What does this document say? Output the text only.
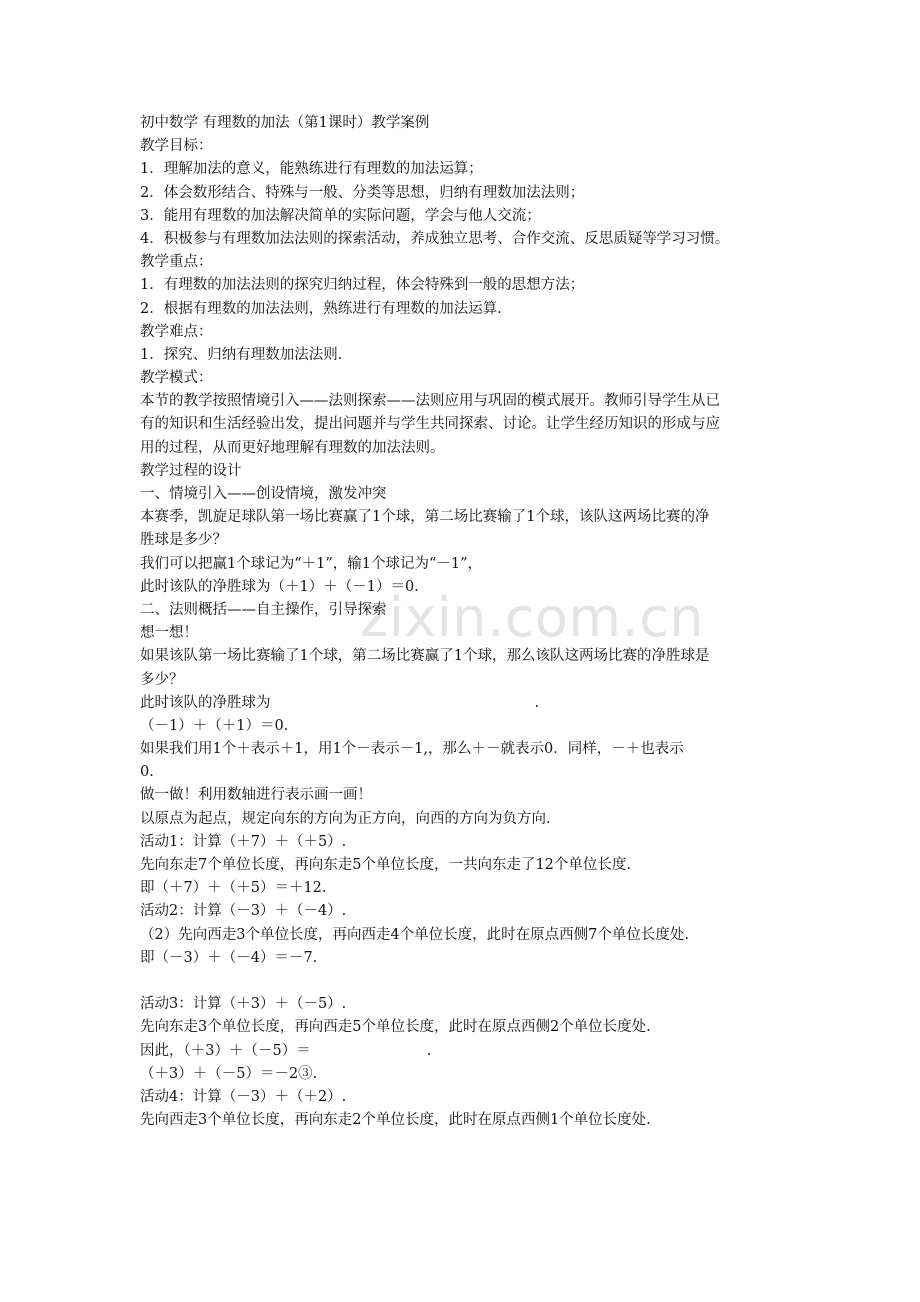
zixin.com.cn
初中数学 有理数的加法（第1课时）教学案例
教学目标：
1．理解加法的意义，能熟练进行有理数的加法运算；
2．体会数形结合、特殊与一般、分类等思想，归纳有理数加法法则；
3．能用有理数的加法解决简单的实际问题，学会与他人交流；
4．积极参与有理数加法法则的探索活动，养成独立思考、合作交流、反思质疑等学习习惯。
教学重点：
1．有理数的加法法则的探究归纳过程，体会特殊到一般的思想方法；
2．根据有理数的加法法则，熟练进行有理数的加法运算.
教学难点：
1．探究、归纳有理数加法法则.
教学模式：
本节的教学按照情境引入——法则探索——法则应用与巩固的模式展开。教师引导学生从已
有的知识和生活经验出发，提出问题并与学生共同探索、讨论。让学生经历知识的形成与应
用的过程，从而更好地理解有理数的加法法则。
教学过程的设计
一、情境引入——创设情境，激发冲突
本赛季，凯旋足球队第一场比赛赢了1个球，第二场比赛输了1个球，该队这两场比赛的净
胜球是多少？
我们可以把赢1个球记为“＋1”，输1个球记为“－1”，
此时该队的净胜球为（＋1）＋（－1）＝0.
二、法则概括——自主操作，引导探索
想一想！
如果该队第一场比赛输了1个球，第二场比赛赢了1个球，那么该队这两场比赛的净胜球是
多少？
此时该队的净胜球为	.
（－1）＋（＋1）＝0.
如果我们用1个＋表示＋1，用1个－表示－1,，那么＋－就表示0．同样，－＋也表示
0.
做一做！利用数轴进行表示画一画！
以原点为起点，规定向东的方向为正方向，向西的方向为负方向.
活动1：计算（＋7）＋（＋5）.
先向东走7个单位长度，再向东走5个单位长度，一共向东走了12个单位长度.
即（＋7）＋（＋5）＝＋12.
活动2：计算（－3）＋（－4）.
（2）先向西走3个单位长度，再向西走4个单位长度，此时在原点西侧7个单位长度处.
即（－3）＋（－4）＝－7.
活动3：计算（＋3）＋（－5）.
先向东走3个单位长度，再向西走5个单位长度，此时在原点西侧2个单位长度处.
因此，（＋3）＋（－5）＝	.
（＋3）＋（－5）＝－2③.
活动4：计算（－3）＋（＋2）.
先向西走3个单位长度，再向东走2个单位长度，此时在原点西侧1个单位长度处.
